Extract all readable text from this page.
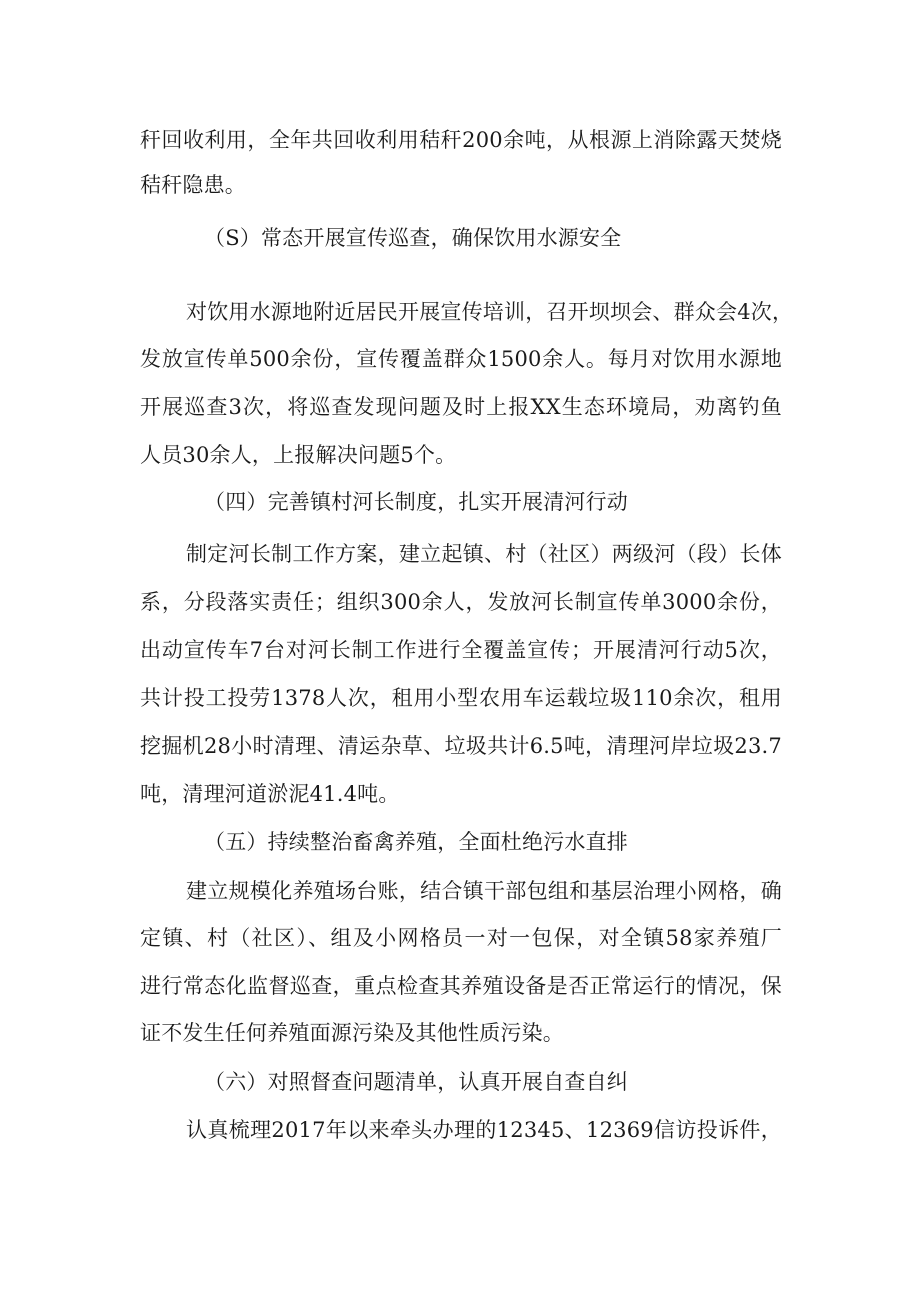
秆回收利用，全年共回收利用秸秆200余吨，从根源上消除露天焚烧
秸秆隐患。
（S）常态开展宣传巡查，确保饮用水源安全
对饮用水源地附近居民开展宣传培训，召开坝坝会、群众会4次，
发放宣传单500余份，宣传覆盖群众1500余人。每月对饮用水源地
开展巡查3次，将巡查发现问题及时上报XX生态环境局，劝离钓鱼
人员30余人，上报解决问题5个。
（四）完善镇村河长制度，扎实开展清河行动
制定河长制工作方案，建立起镇、村（社区）两级河（段）长体
系，分段落实责任；组织300余人，发放河长制宣传单3000余份，
出动宣传车7台对河长制工作进行全覆盖宣传；开展清河行动5次，
共计投工投劳1378人次，租用小型农用车运载垃圾110余次，租用
挖掘机28小时清理、清运杂草、垃圾共计6.5吨，清理河岸垃圾23.7
吨，清理河道淤泥41.4吨。
（五）持续整治畜禽养殖，全面杜绝污水直排
建立规模化养殖场台账，结合镇干部包组和基层治理小网格，确
定镇、村（社区）、组及小网格员一对一包保，对全镇58家养殖厂
进行常态化监督巡查，重点检查其养殖设备是否正常运行的情况，保
证不发生任何养殖面源污染及其他性质污染。
（六）对照督查问题清单，认真开展自查自纠
认真梳理2017年以来牵头办理的12345、12369信访投诉件，
